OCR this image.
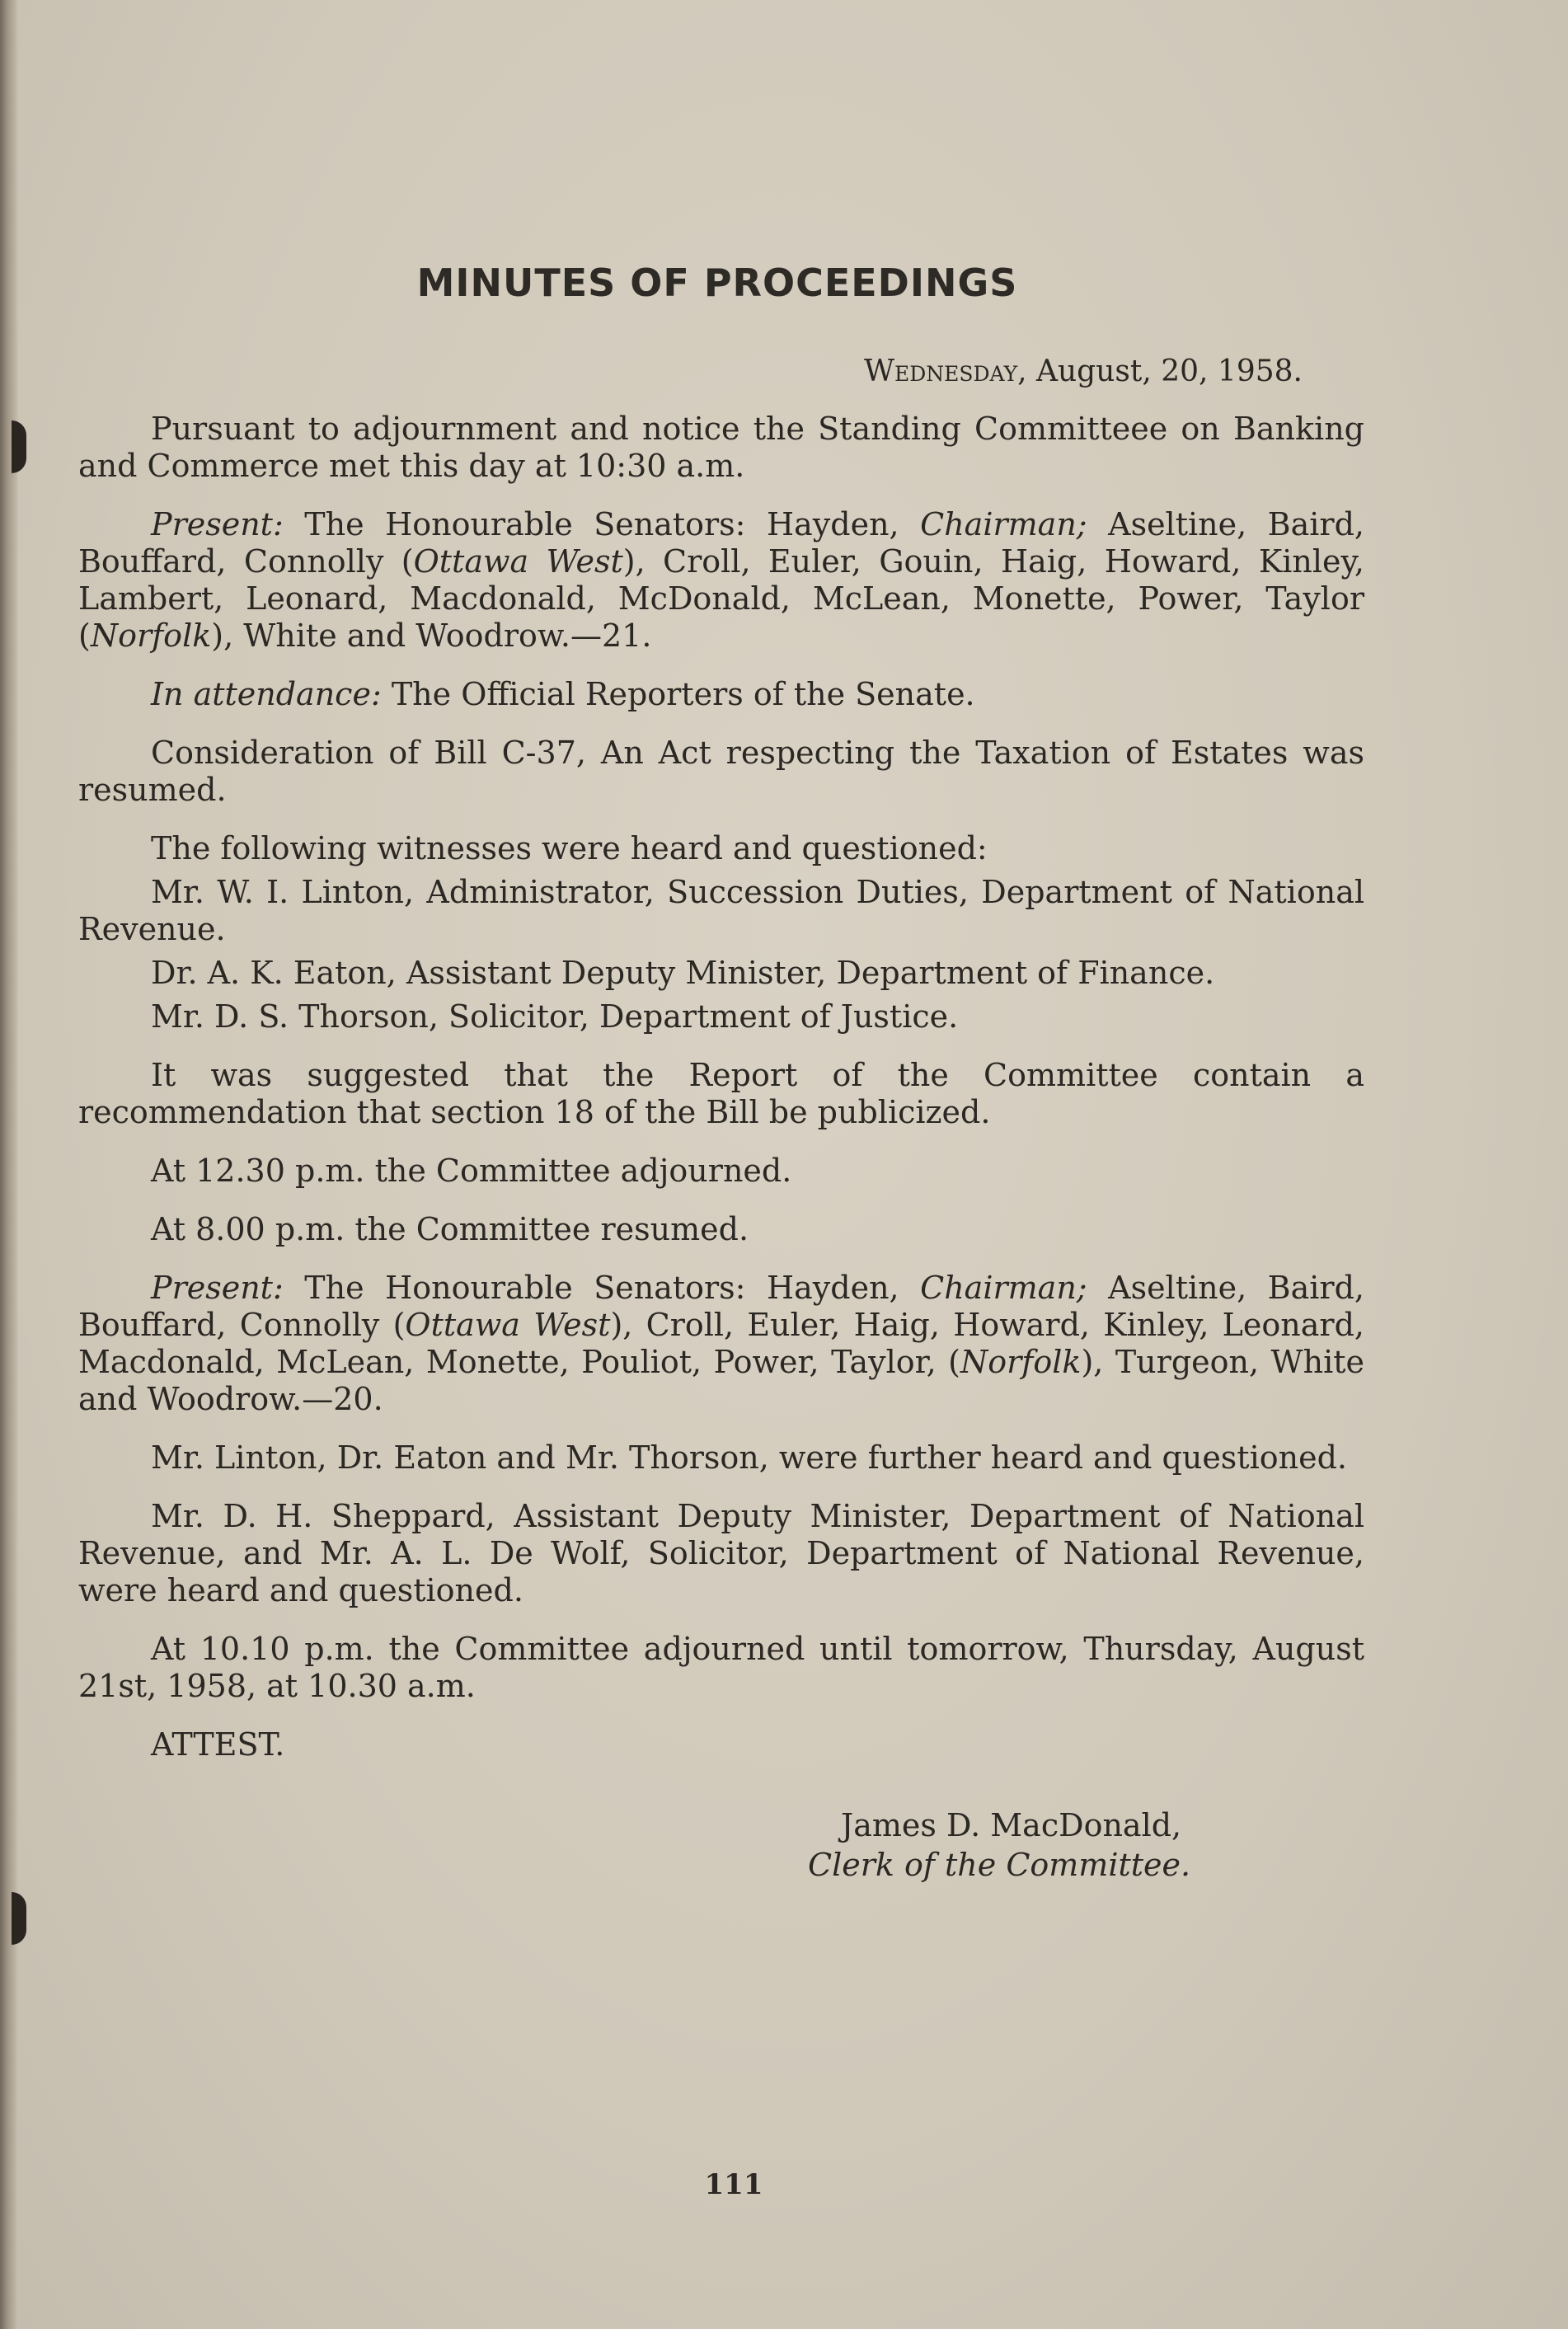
MINUTES OF PROCEEDINGS
Wednesday, August, 20, 1958.

Pursuant to adjournment and notice the Standing Committeee on Banking and Commerce met this day at 10:30 a.m.

Present: The Honourable Senators: Hayden, Chairman; Aseltine, Baird, Bouffard, Connolly (Ottawa West), Croll, Euler, Gouin, Haig, Howard, Kinley, Lambert, Leonard, Macdonald, McDonald, McLean, Monette, Power, Taylor (Norfolk), White and Woodrow.—21.

In attendance: The Official Reporters of the Senate.

Consideration of Bill C-37, An Act respecting the Taxation of Estates was resumed.

The following witnesses were heard and questioned:

Mr. W. I. Linton, Administrator, Succession Duties, Department of National Revenue.

Dr. A. K. Eaton, Assistant Deputy Minister, Department of Finance.

Mr. D. S. Thorson, Solicitor, Department of Justice.

It was suggested that the Report of the Committee contain a recommendation that section 18 of the Bill be publicized.

At 12.30 p.m. the Committee adjourned.

At 8.00 p.m. the Committee resumed.

Present: The Honourable Senators: Hayden, Chairman; Aseltine, Baird, Bouffard, Connolly (Ottawa West), Croll, Euler, Haig, Howard, Kinley, Leonard, Macdonald, McLean, Monette, Pouliot, Power, Taylor, (Norfolk), Turgeon, White and Woodrow.—20.

Mr. Linton, Dr. Eaton and Mr. Thorson, were further heard and questioned.

Mr. D. H. Sheppard, Assistant Deputy Minister, Department of National Revenue, and Mr. A. L. De Wolf, Solicitor, Department of National Revenue, were heard and questioned.

At 10.10 p.m. the Committee adjourned until tomorrow, Thursday, August 21st, 1958, at 10.30 a.m.

ATTEST.

James D. MacDonald,
Clerk of the Committee.
111
